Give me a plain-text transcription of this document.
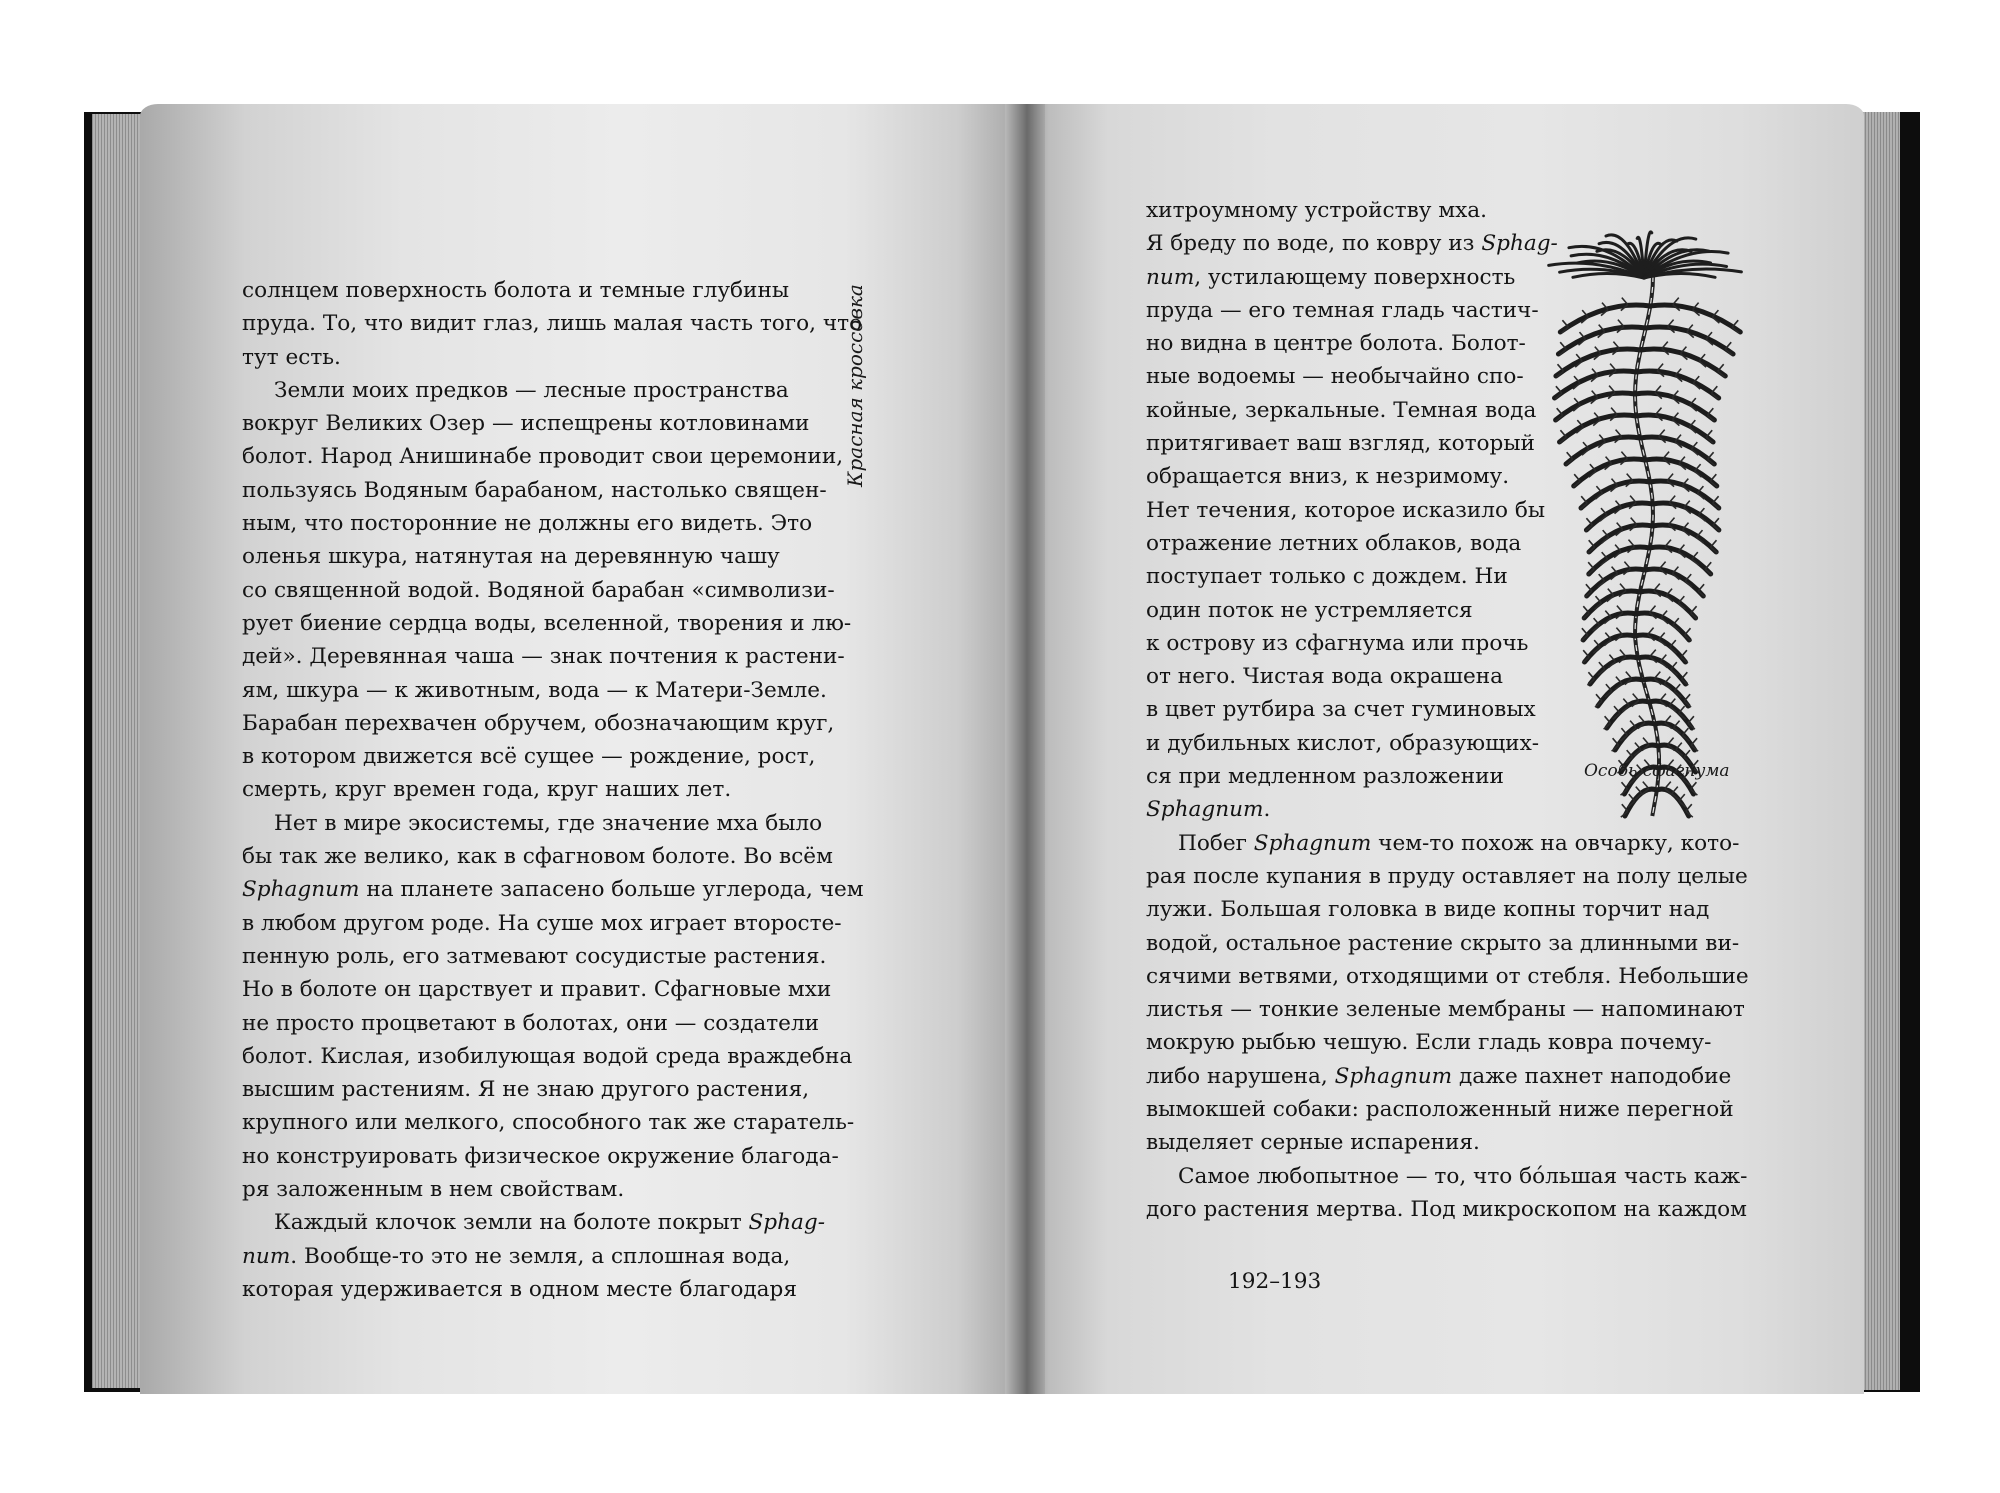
солнцем поверхность болота и темные глубины

пруда. То, что видит глаз, лишь малая часть того, что

тут есть.

Земли моих предков — лесные пространства

вокруг Великих Озер — испещрены котловинами

болот. Народ Анишинабе проводит свои церемонии,

пользуясь Водяным барабаном, настолько священ-

ным, что посторонние не должны его видеть. Это

оленья шкура, натянутая на деревянную чашу

со священной водой. Водяной барабан «символизи-

рует биение сердца воды, вселенной, творения и лю-

дей». Деревянная чаша — знак почтения к растени-

ям, шкура — к животным, вода — к Матери-Земле.

Барабан перехвачен обручем, обозначающим круг,

в котором движется всё сущее — рождение, рост,

смерть, круг времен года, круг наших лет.

Нет в мире экосистемы, где значение мха было

бы так же велико, как в сфагновом болоте. Во всём

Sphagnum на планете запасено больше углерода, чем

в любом другом роде. На суше мох играет второсте-

пенную роль, его затмевают сосудистые растения.

Но в болоте он царствует и правит. Сфагновые мхи

не просто процветают в болотах, они — создатели

болот. Кислая, изобилующая водой среда враждебна

высшим растениям. Я не знаю другого растения,

крупного или мелкого, способного так же старатель-

но конструировать физическое окружение благода-

ря заложенным в нем свойствам.

Каждый клочок земли на болоте покрыт Sphag-

num. Вообще-то это не земля, а сплошная вода,

которая удерживается в одном месте благодаря

Красная кроссовка

хитроумному устройству мха.

Я бреду по воде, по ковру из Sphag-

num, устилающему поверхность

пруда — его темная гладь частич-

но видна в центре болота. Болот-

ные водоемы — необычайно спо-

койные, зеркальные. Темная вода

притягивает ваш взгляд, который

обращается вниз, к незримому.

Нет течения, которое исказило бы

отражение летних облаков, вода

поступает только с дождем. Ни

один поток не устремляется

к острову из сфагнума или прочь

от него. Чистая вода окрашена

в цвет рутбира за счет гуминовых

и дубильных кислот, образующих-

ся при медленном разложении

Sphagnum.

Побег Sphagnum чем-то похож на овчарку, кото-

рая после купания в пруду оставляет на полу целые

лужи. Большая головка в виде копны торчит над

водой, остальное растение скрыто за длинными ви-

сячими ветвями, отходящими от стебля. Небольшие

листья — тонкие зеленые мембраны — напоминают

мокрую рыбью чешую. Если гладь ковра почему-

либо нарушена, Sphagnum даже пахнет наподобие

вымокшей собаки: расположенный ниже перегной

выделяет серные испарения.

Самое любопытное — то, что бо́льшая часть каж-

дого растения мертва. Под микроскопом на каждом

Особь сфагнума
192–193
